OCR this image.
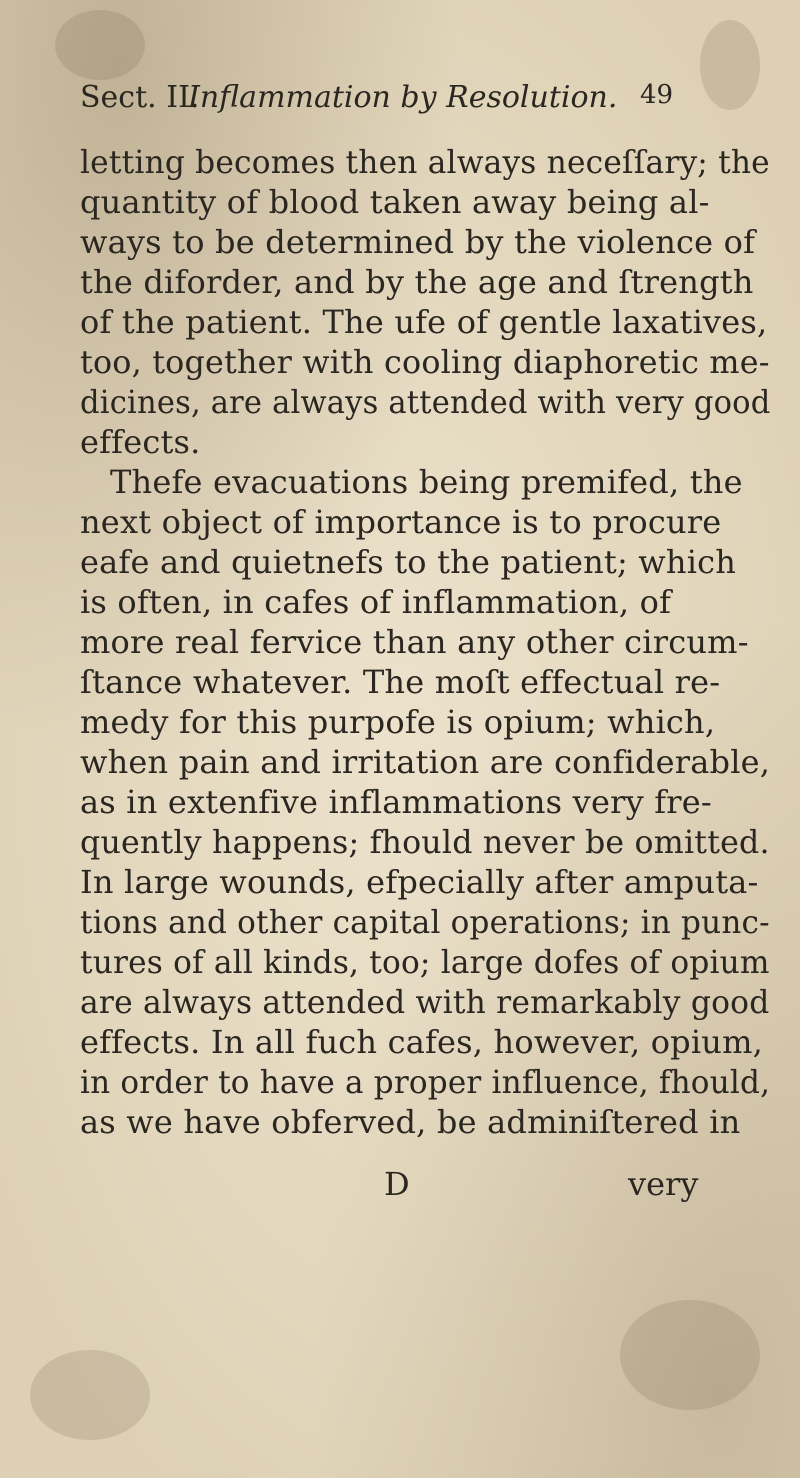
Sect. II.
Inflammation by Resolution. 49
letting becomes then always neceſſary; the
quantity of blood taken away being al-
ways to be determined by the violence of
the diforder, and by the age and ſtrength
of the patient. The ufe of gentle laxatives,
too, together with cooling diaphoretic me-
dicines, are always attended with very good
effects.
Thefe evacuations being premifed, the
next object of importance is to procure
eafe and quietnefs to the patient; which
is often, in cafes of inflammation, of
more real fervice than any other circum-
ſtance whatever. The moſt effectual re-
medy for this purpofe is opium; which,
when pain and irritation are confiderable,
as in extenfive inflammations very fre-
quently happens; fhould never be omitted.
In large wounds, efpecially after amputa-
tions and other capital operations; in punc-
tures of all kinds, too; large dofes of opium
are always attended with remarkably good
effects. In all fuch cafes, however, opium,
in order to have a proper influence, fhould,
as we have obferved, be adminiſtered in
D	very
